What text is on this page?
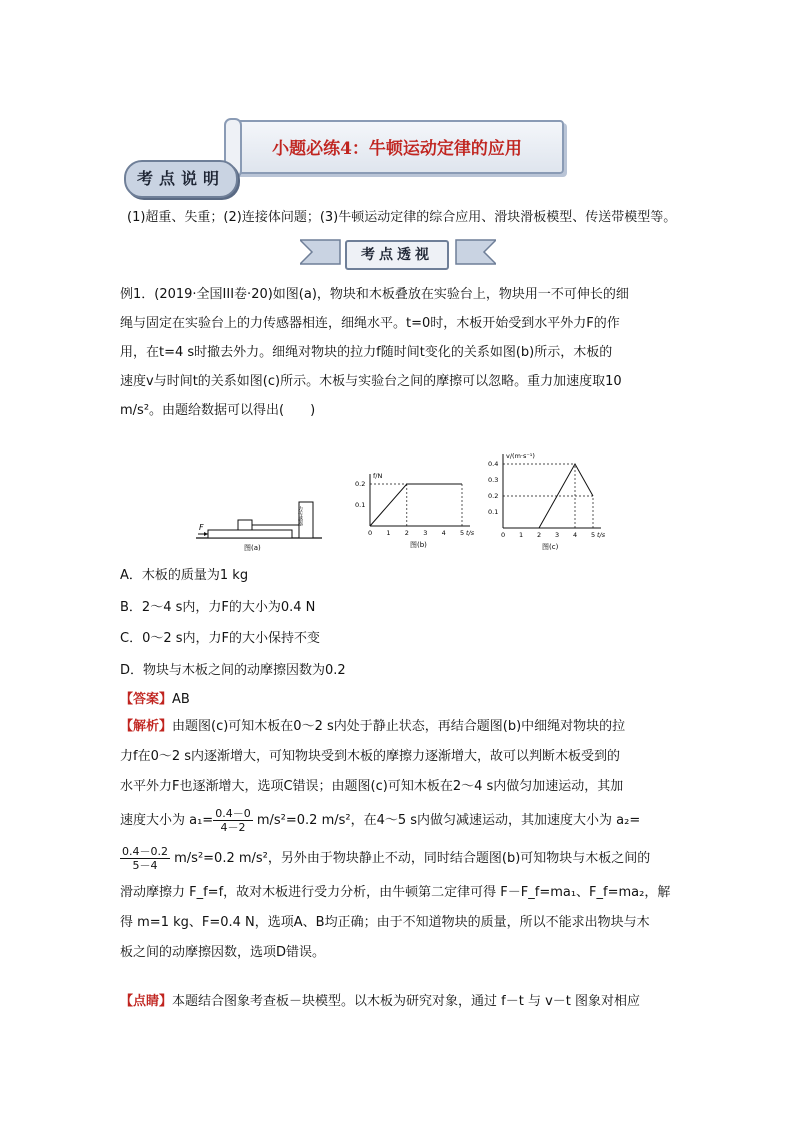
小题必练4：牛顿运动定律的应用
考点说明
(1)超重、失重；(2)连接体问题；(3)牛顿运动定律的综合应用、滑块滑板模型、传送带模型等。
考点透视
例1．(2019·全国III卷·20)如图(a)，物块和木板叠放在实验台上，物块用一不可伸长的细
绳与固定在实验台上的力传感器相连，细绳水平。t=0时，木板开始受到水平外力F的作
用，在t=4 s时撤去外力。细绳对物块的拉力f随时间t变化的关系如图(b)所示，木板的
速度v与时间t的关系如图(c)所示。木板与实验台之间的摩擦可以忽略。重力加速度取10
m/s²。由题给数据可以得出(　　)
力传感器
F
图(a)
f/N
t/s
0 1 2 3 4 5
0.2
0.1
图(b)
v/(m·s⁻¹)
t/s
0 1 2 3 4 5
0.4
0.3
0.2
0.1
图(c)
A．木板的质量为1 kg
B．2～4 s内，力F的大小为0.4 N
C．0～2 s内，力F的大小保持不变
D．物块与木板之间的动摩擦因数为0.2
【答案】AB
【解析】由题图(c)可知木板在0～2 s内处于静止状态，再结合题图(b)中细绳对物块的拉
力f在0～2 s内逐渐增大，可知物块受到木板的摩擦力逐渐增大，故可以判断木板受到的
水平外力F也逐渐增大，选项C错误；由题图(c)可知木板在2～4 s内做匀加速运动，其加
速度大小为 $a_1= \frac{0.4-0}{4-2} m/s^2=0.2$ m/s²，在4～5 s内做匀减速运动，其加速度大小为 a₂=
$\frac{0.4-0.2}{5-4} m/s^2=0.2$ m/s²，另外由于物块静止不动，同时结合题图(b)可知物块与木板之间的
滑动摩擦力 F_f=f，故对木板进行受力分析，由牛顿第二定律可得 F－F_f=ma₁、F_f=ma₂，解
得 m=1 kg、F=0.4 N，选项A、B均正确；由于不知道物块的质量，所以不能求出物块与木
板之间的动摩擦因数，选项D错误。
【点睛】本题结合图象考查板－块模型。以木板为研究对象，通过 f－t 与 v－t 图象对相应
